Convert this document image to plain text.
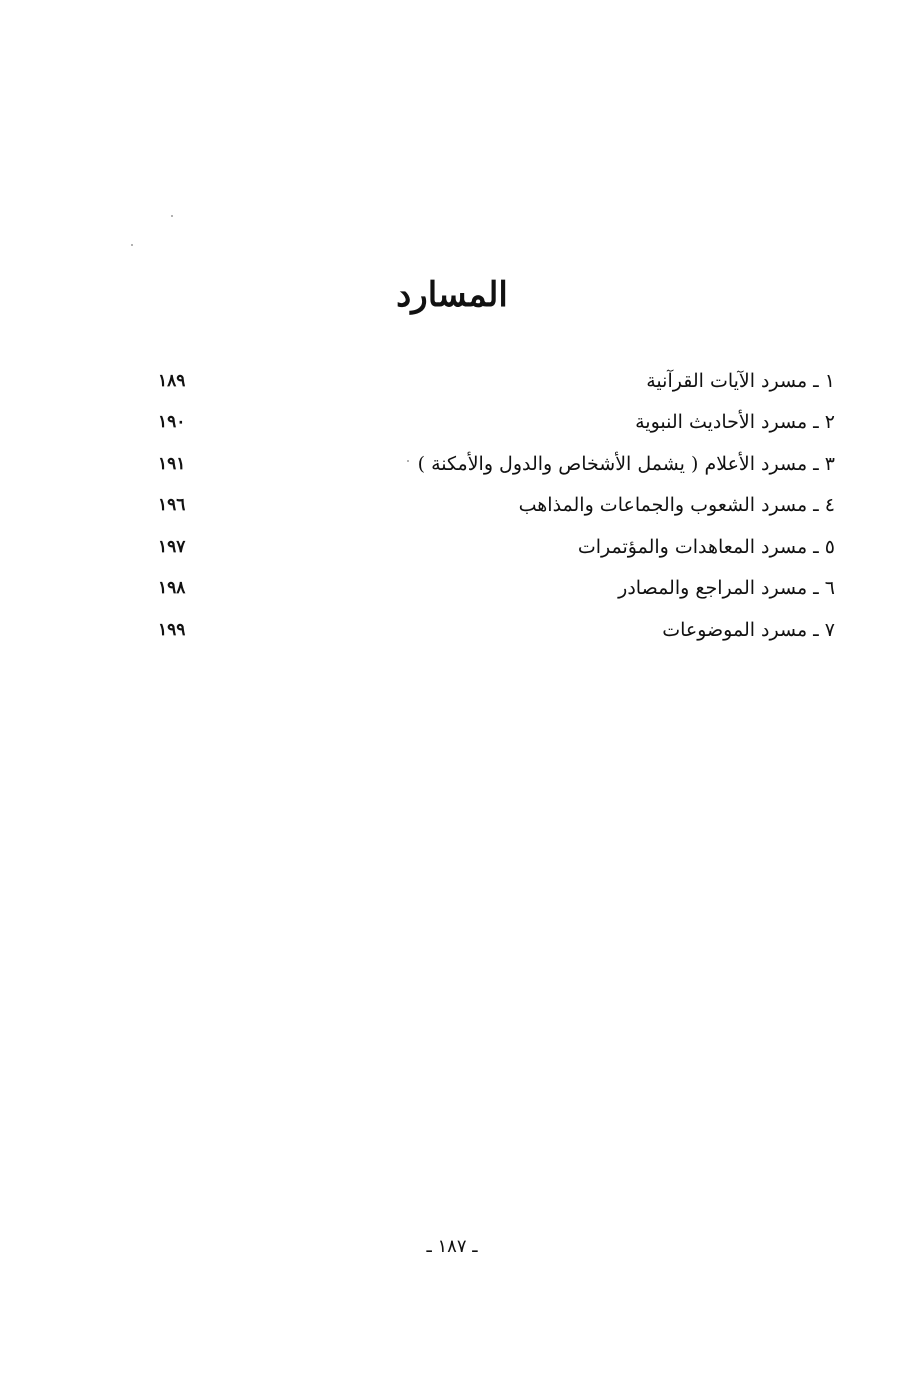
المسارد
١٨٩	١ ـ مسرد الآيات القرآنية
١٩٠	٢ ـ مسرد الأحاديث النبوية
١٩١	٣ ـ مسرد الأعلام ( يشمل الأشخاص والدول والأمكنة )
١٩٦	٤ ـ مسرد الشعوب والجماعات والمذاهب
١٩٧	٥ ـ مسرد المعاهدات والمؤتمرات
١٩٨	٦ ـ مسرد المراجع والمصادر
١٩٩	٧ ـ مسرد الموضوعات
ـ ١٨٧ ـ
